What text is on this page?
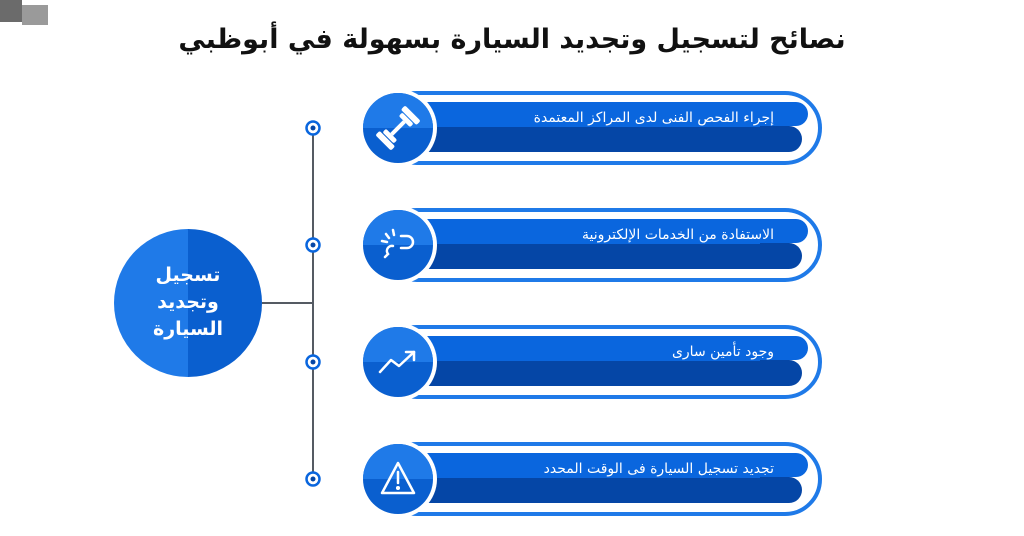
نصائح لتسجيل وتجديد السيارة بسهولة في أبوظبي
تسجيل
وتجديد
السيارة
إجراء الفحص الفنى لدى المراكز المعتمدة
الاستفادة من الخدمات الإلكترونية
وجود تأمين سارى
تجديد تسجيل السيارة فى الوقت المحدد
